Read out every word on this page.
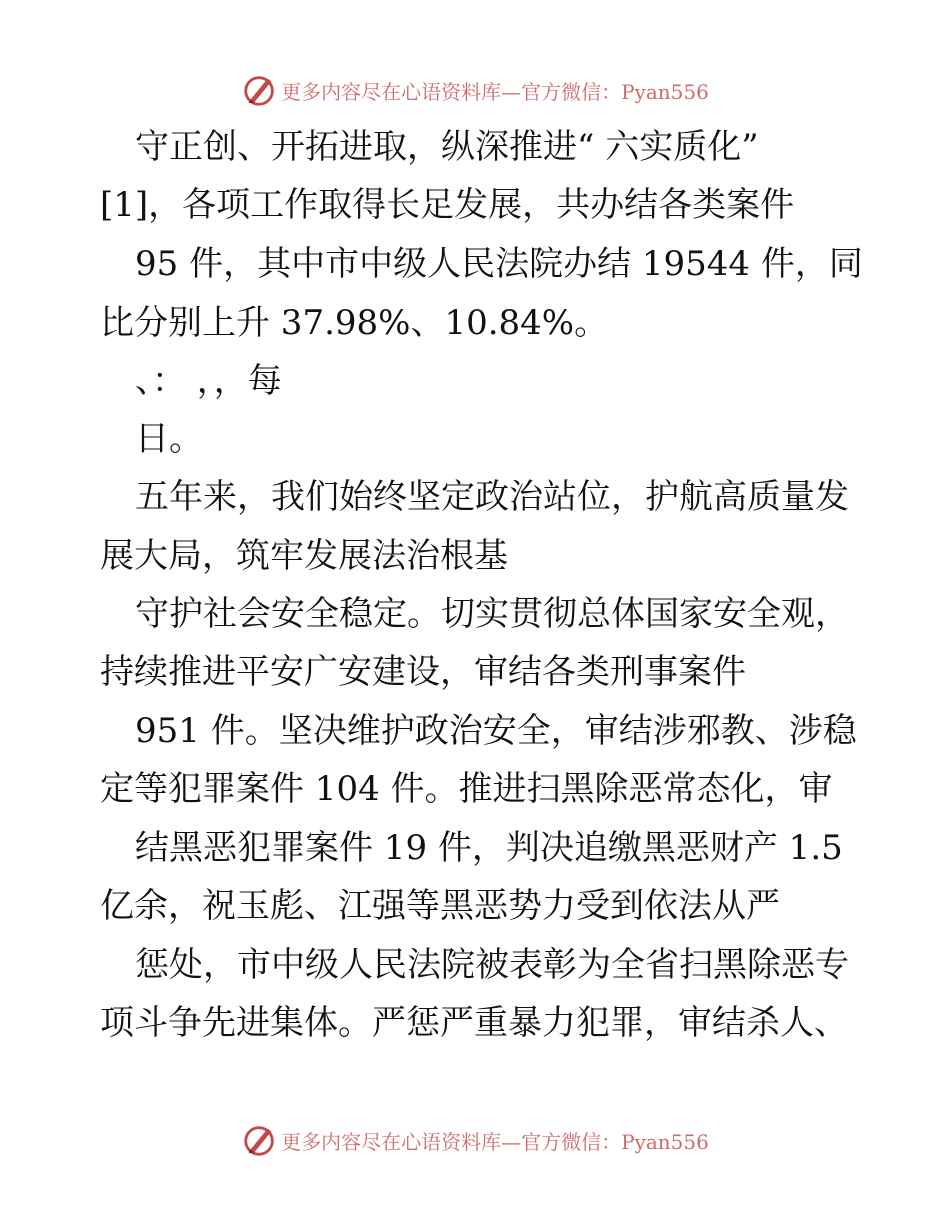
更多内容尽在心语资料库—官方微信：Pyan556
守正创、开拓进取，纵深推进“ 六实质化”
[1]，各项工作取得长足发展，共办结各类案件
95 件，其中市中级人民法院办结 19544 件，同
比分别上升 37.98%、10.84%。
、： ，，每
日。
五年来，我们始终坚定政治站位，护航高质量发
展大局，筑牢发展法治根基
守护社会安全稳定。切实贯彻总体国家安全观，
持续推进平安广安建设，审结各类刑事案件
951 件。坚决维护政治安全，审结涉邪教、涉稳
定等犯罪案件 104 件。推进扫黑除恶常态化，审
结黑恶犯罪案件 19 件，判决追缴黑恶财产 1.5
亿余，祝玉彪、江强等黑恶势力受到依法从严
惩处，市中级人民法院被表彰为全省扫黑除恶专
项斗争先进集体。严惩严重暴力犯罪，审结杀人、
更多内容尽在心语资料库—官方微信：Pyan556
